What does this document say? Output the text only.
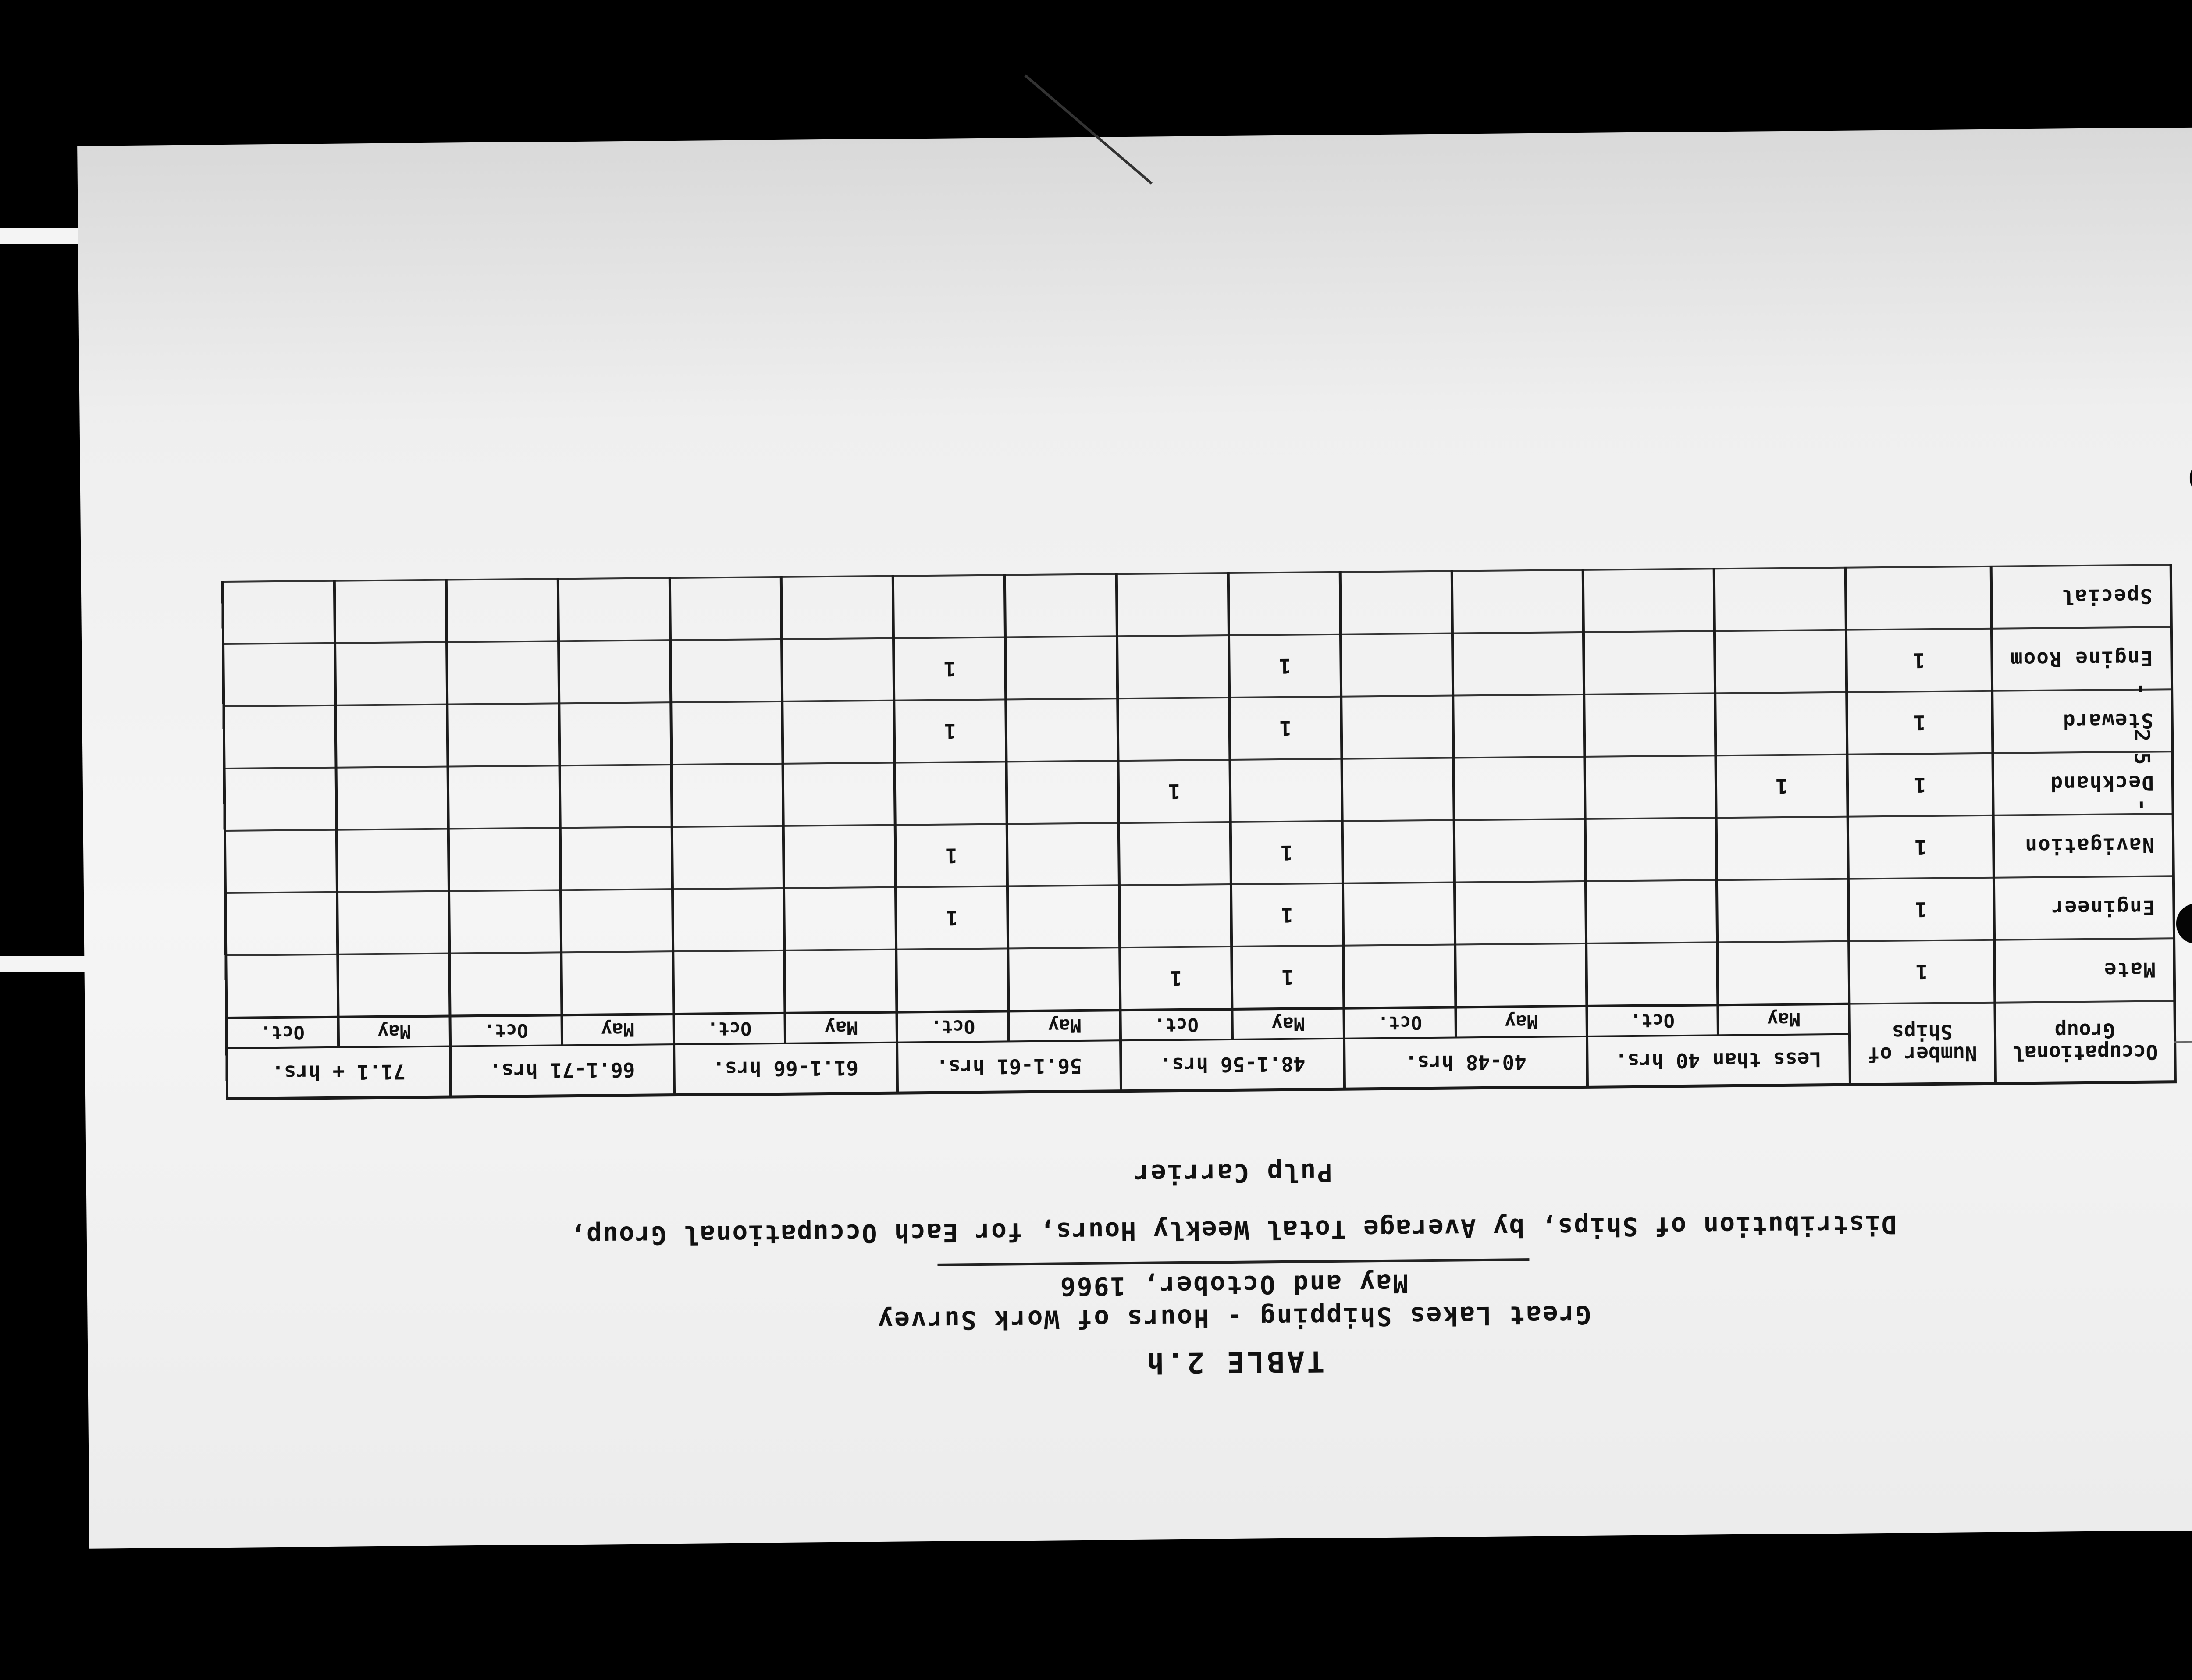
TABLE 2.h
Great Lakes Shipping - Hours of Work Survey
May and October, 1966
Distribution of Ships, by Average Total Weekly Hours, for Each Occupational Group,
Pulp Carrier
Occupational Group	Number of Ships	Less than 40 hrs.		40-48 hrs.		48.1-56 hrs.		56.1-61 hrs.		61.1-66 hrs.		66.1-71 hrs.		71.1 + hrs.	
		May	Oct.	May	Oct.	May	Oct.	May	Oct.	May	Oct.	May	Oct.	May	Oct.
Mate	1					1	1								
Engineer	1					1			1						
Navigation	1					1			1						
Deckhand	1	1					1								
Steward	1					1			1						
Engine Room	1					1			1						
Special															
- 25 -
